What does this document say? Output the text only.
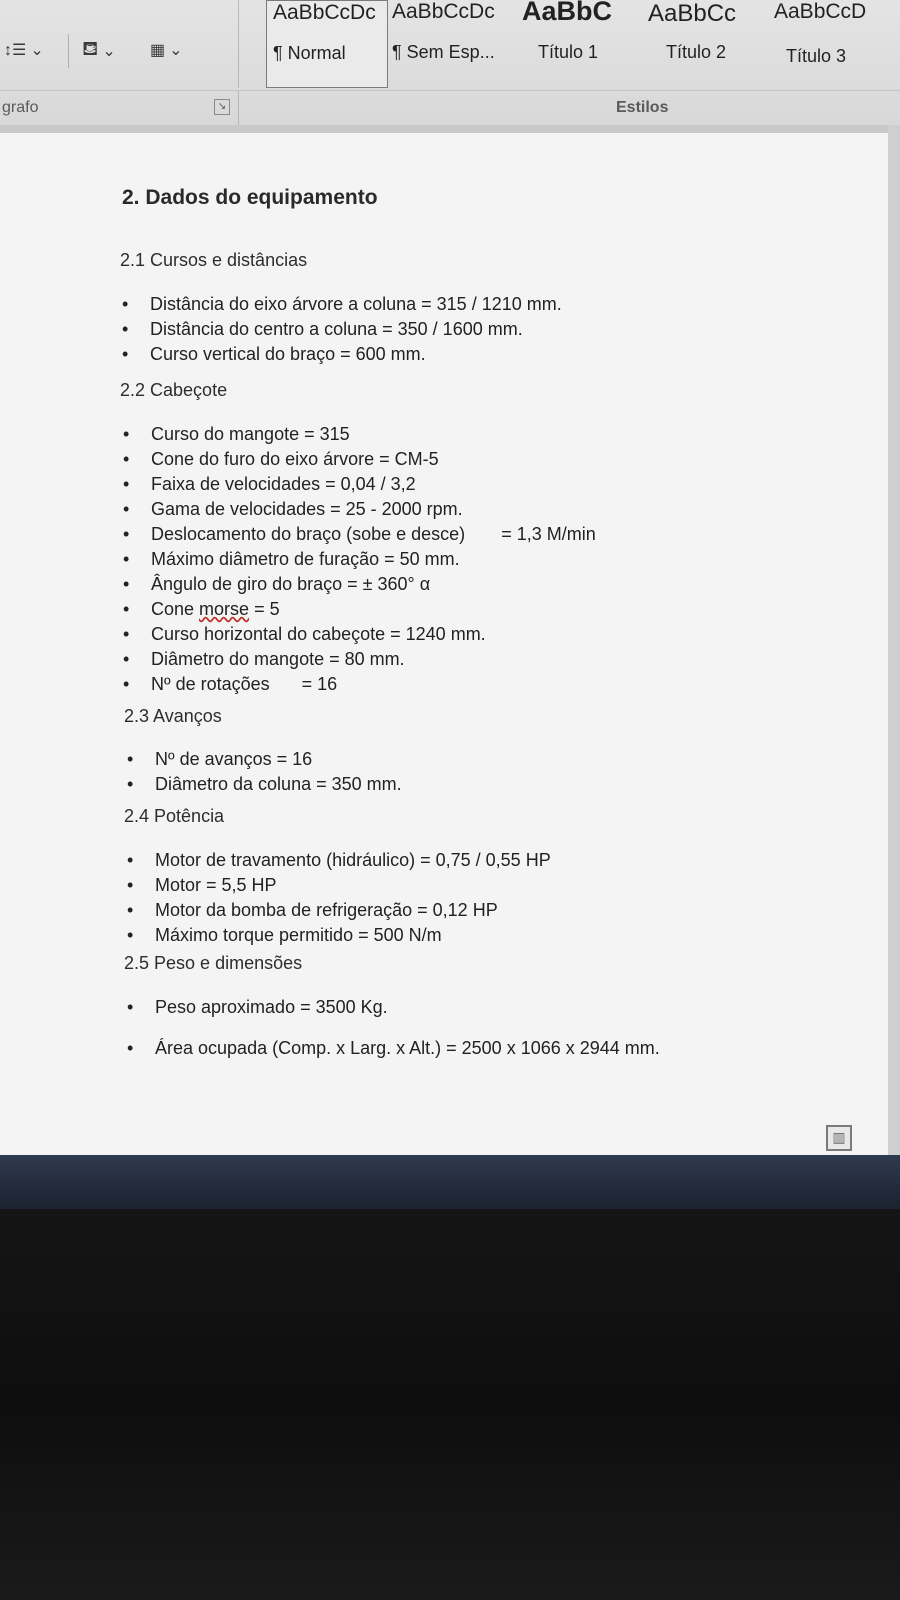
↕☰ ⌄ ⛾ ⌄ ▦ ⌄
AaBbCcDc
¶ Normal
AaBbCcDc
¶ Sem Esp...
AaBbC
Título 1
AaBbCc
Título 2
AaBbCcD
Título 3
grafo	↘	Estilos
2. Dados do equipamento
2.1 Cursos e distâncias
• Distância do eixo árvore a coluna = 315 / 1210 mm.
• Distância do centro a coluna = 350 / 1600 mm.
• Curso vertical do braço = 600 mm.
2.2 Cabeçote
• Curso do mangote = 315
• Cone do furo do eixo árvore = CM-5
• Faixa de velocidades = 0,04 / 3,2
• Gama de velocidades = 25 - 2000 rpm.
• Deslocamento do braço (sobe e desce) = 1,3 M/min
• Máximo diâmetro de furação = 50 mm.
• Ângulo de giro do braço = ± 360° α
• Cone morse = 5
• Curso horizontal do cabeçote = 1240 mm.
• Diâmetro do mangote = 80 mm.
• Nº de rotações = 16
2.3 Avanços
• Nº de avanços = 16
• Diâmetro da coluna = 350 mm.
2.4 Potência
• Motor de travamento (hidráulico) = 0,75 / 0,55 HP
• Motor = 5,5 HP
• Motor da bomba de refrigeração = 0,12 HP
• Máximo torque permitido = 500 N/m
2.5 Peso e dimensões
• Peso aproximado = 3500 Kg.
• Área ocupada (Comp. x Larg. x Alt.) = 2500 x 1066 x 2944 mm.
▥
